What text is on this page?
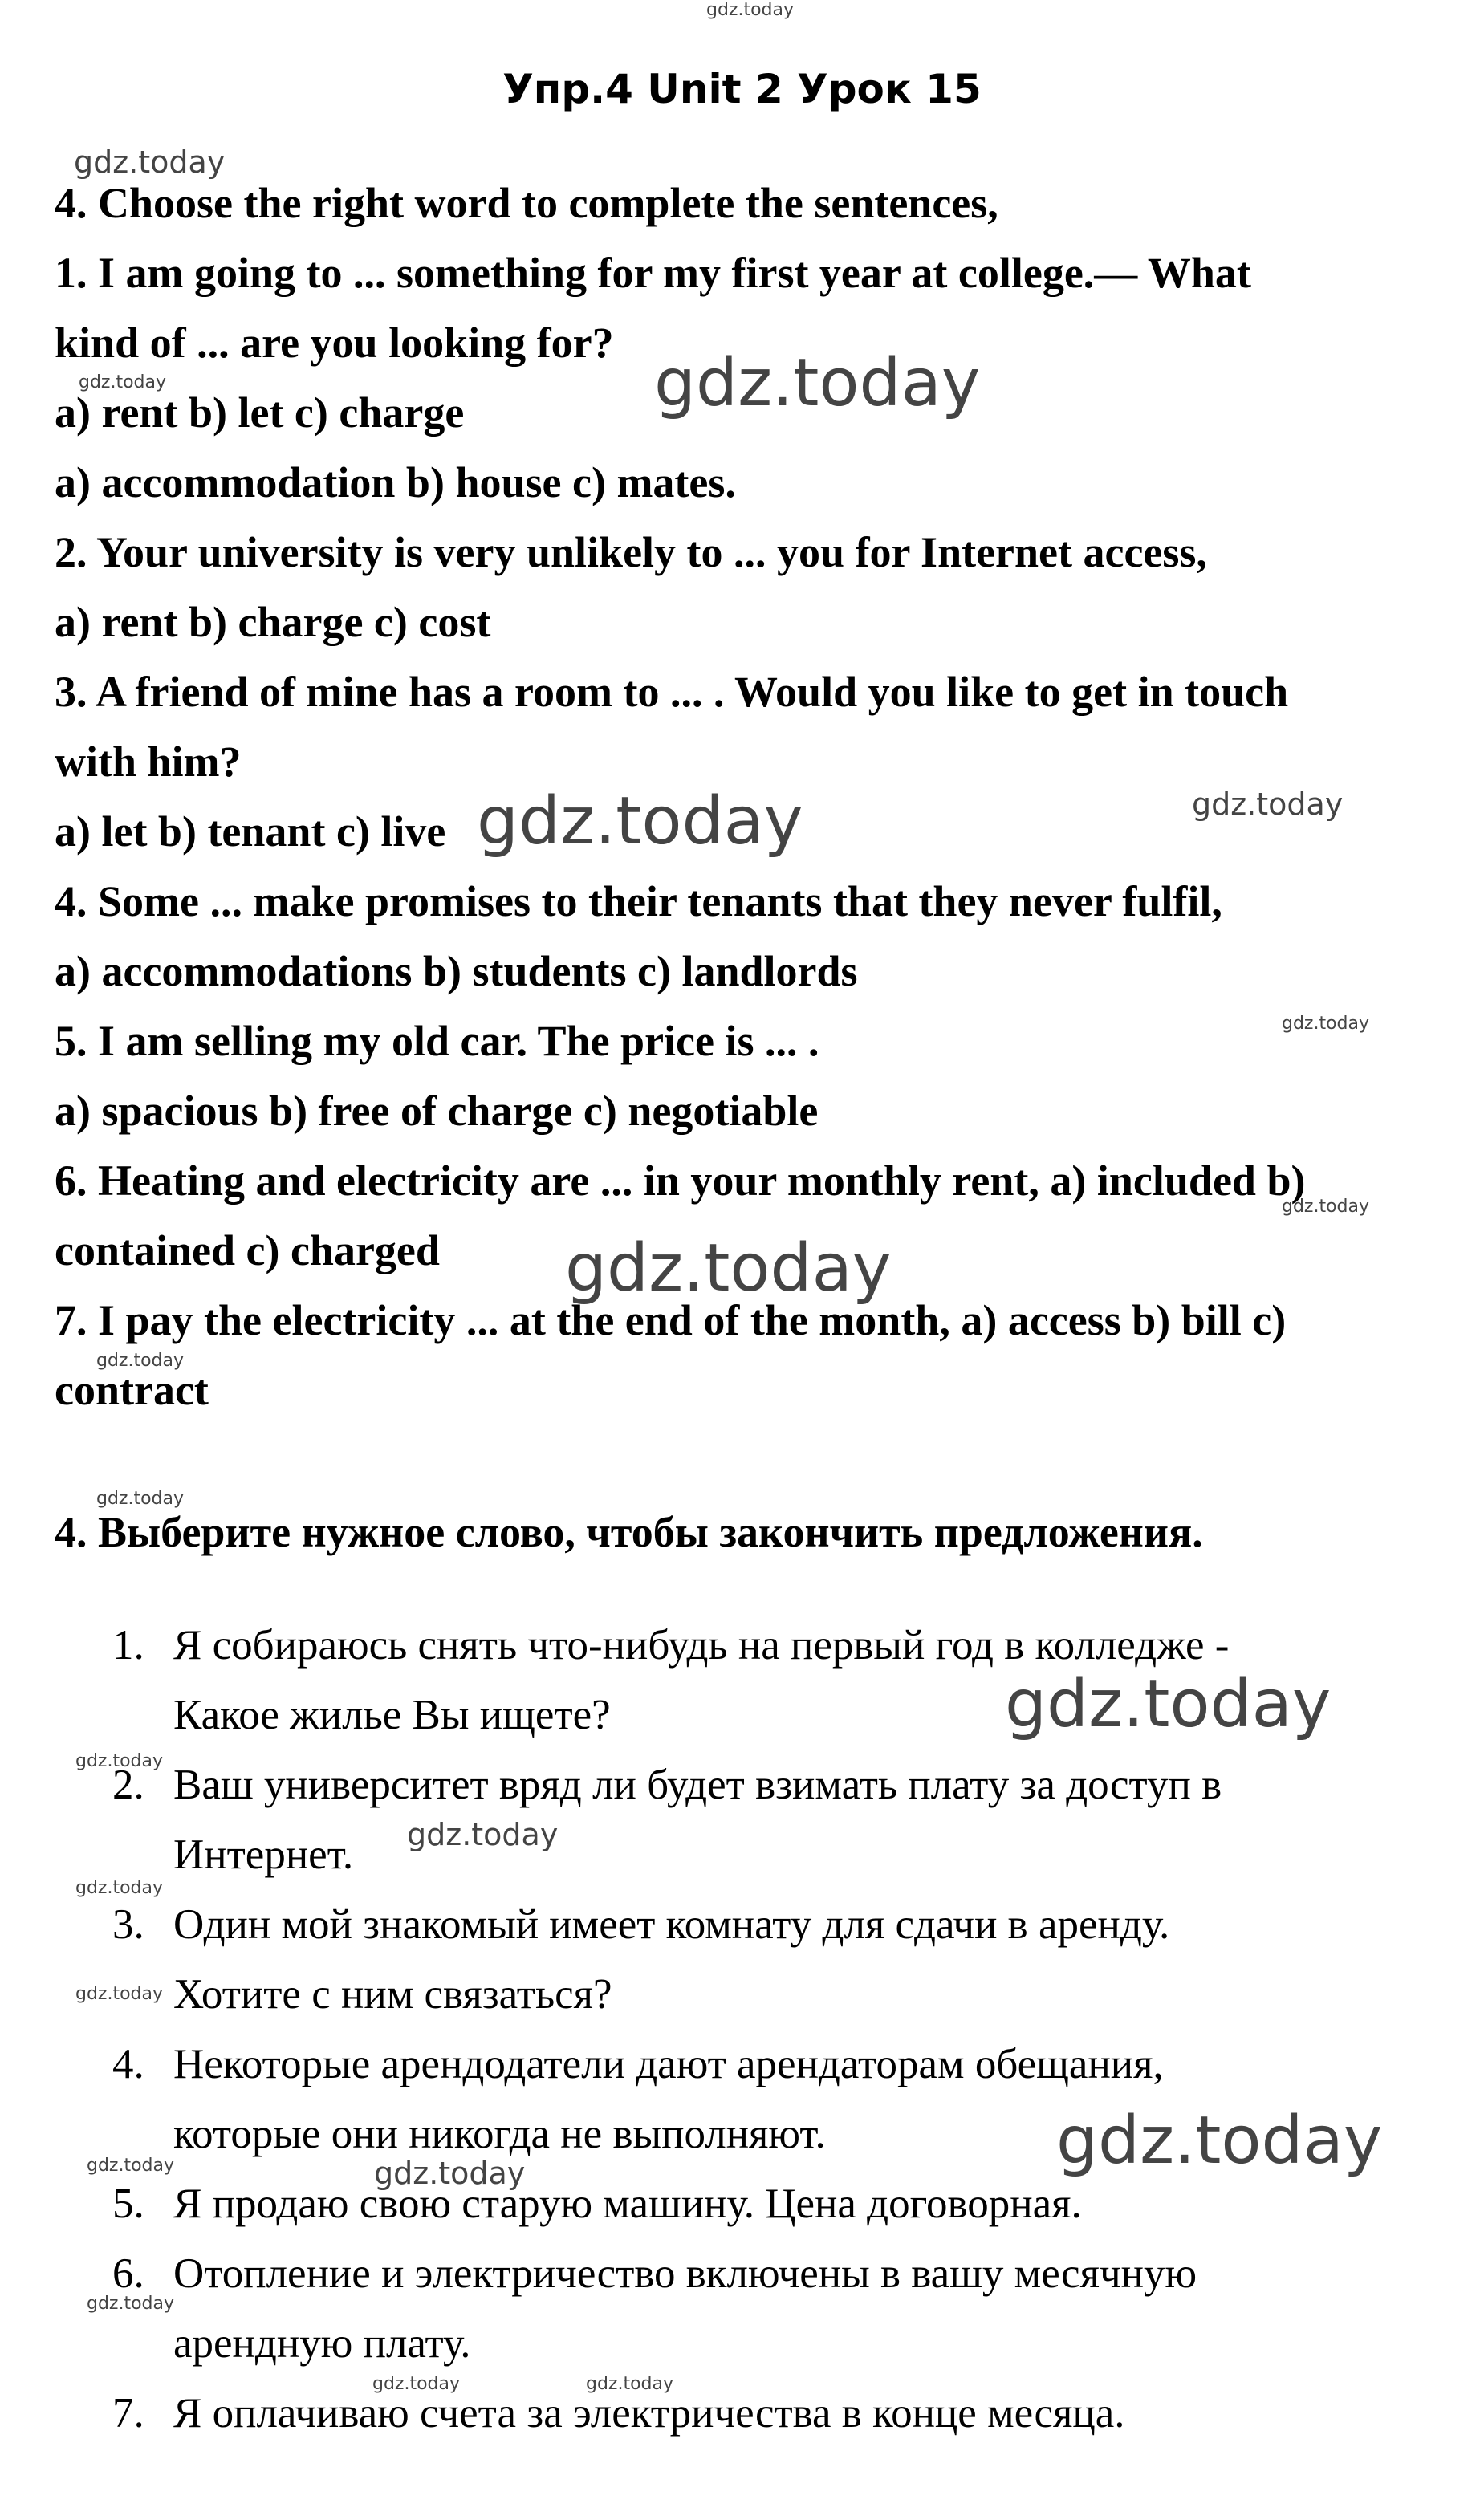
Упр.4 Unit 2 Урок 15
4. Choose the right word to complete the sentences,
1. I am going to ... something for my first year at college.— What
kind of ... are you looking for?
a) rent b) let c) charge
a) accommodation b) house c) mates.
2. Your university is very unlikely to ... you for Internet access,
a) rent b) charge c) cost
3. A friend of mine has a room to ... . Would you like to get in touch
with him?
a) let b) tenant c) live
4. Some ... make promises to their tenants that they never fulfil,
a) accommodations b) students c) landlords
5. I am selling my old car. The price is ... .
a) spacious b) free of charge c) negotiable
6. Heating and electricity are ... in your monthly rent, a) included b)
contained c) charged
7. I pay the electricity ... at the end of the month, a) access b) bill c)
contract
4. Выберите нужное слово, чтобы закончить предложения.
1. Я собираюсь снять что-нибудь на первый год в колледже -
Какое жилье Вы ищете?
2. Ваш университет вряд ли будет взимать плату за доступ в
Интернет.
3. Один мой знакомый имеет комнату для сдачи в аренду.
Хотите с ним связаться?
4. Некоторые арендодатели дают арендаторам обещания,
которые они никогда не выполняют.
5. Я продаю свою старую машину. Цена договорная.
6. Отопление и электричество включены в вашу месячную
арендную плату.
7. Я оплачиваю счета за электричества в конце месяца.
gdz.today
gdz.today
gdz.today	gdz.today
gdz.today	gdz.today
gdz.today
gdz.today
gdz.today
gdz.today
gdz.today
gdz.today
gdz.today
gdz.today
gdz.today
gdz.today
gdz.today
gdz.today	gdz.today
gdz.today
gdz.today	gdz.today
